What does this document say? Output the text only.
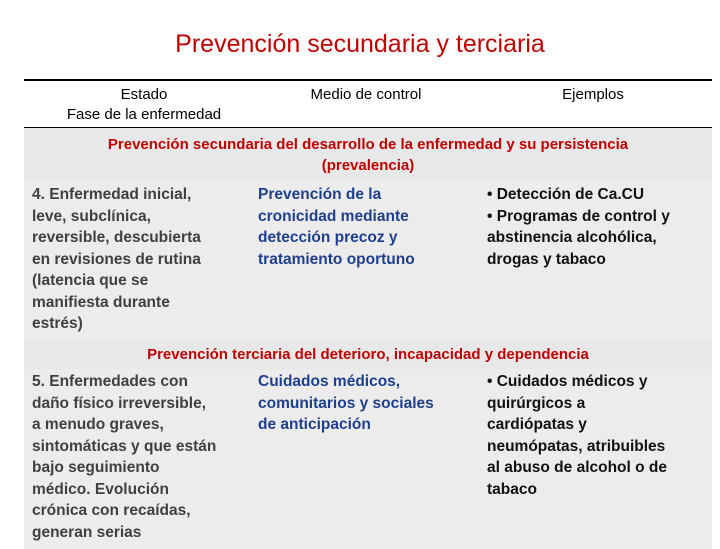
Prevención secundaria y terciaria
Estado
Fase de la enfermedad
Medio de control	Ejemplos
Prevención secundaria del desarrollo de la enfermedad y su persistencia
(prevalencia)
4. Enfermedad inicial,
leve, subclínica,
reversible, descubierta
en revisiones de rutina
(latencia que se
manifiesta durante
estrés)
Prevención de la
cronicidad mediante
detección precoz y
tratamiento oportuno
• Detección de Ca.CU
• Programas de control y
abstinencia alcohólica,
drogas y tabaco
Prevención terciaria del deterioro, incapacidad y dependencia
5. Enfermedades con
daño físico irreversible,
a menudo graves,
sintomáticas y que están
bajo seguimiento
médico. Evolución
crónica con recaídas,
generan serias
Cuidados médicos,
comunitarios y sociales
de anticipación
• Cuidados médicos y
quirúrgicos a
cardiópatas y
neumópatas, atribuibles
al abuso de alcohol o de
tabaco
